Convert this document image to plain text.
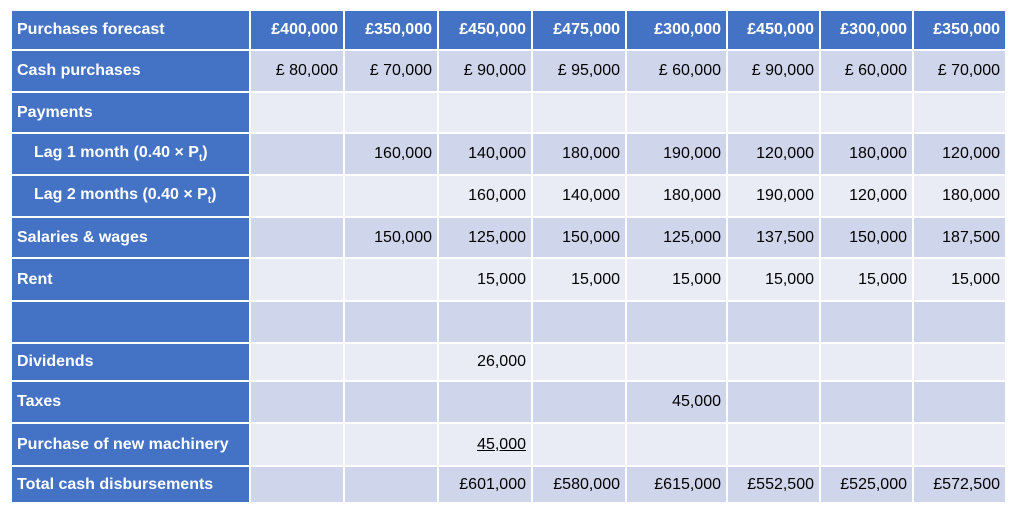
Purchases forecast	£400,000	£350,000	£450,000	£475,000	£300,000	£450,000	£300,000	£350,000
Cash purchases	£ 80,000	£ 70,000	£ 90,000	£ 95,000	£ 60,000	£ 90,000	£ 60,000	£ 70,000
Payments								
Lag 1 month $(0.40 \times P_t)$		160,000	140,000	180,000	190,000	120,000	180,000	120,000
Lag 2 months $(0.40 \times P_t)$			160,000	140,000	180,000	190,000	120,000	180,000
Salaries & wages		150,000	125,000	150,000	125,000	137,500	150,000	187,500
Rent			15,000	15,000	15,000	15,000	15,000	15,000

Dividends			26,000					
Taxes					45,000			
Purchase of new machinery			45,000					
Total cash disbursements			£601,000	£580,000	£615,000	£552,500	£525,000	£572,500
